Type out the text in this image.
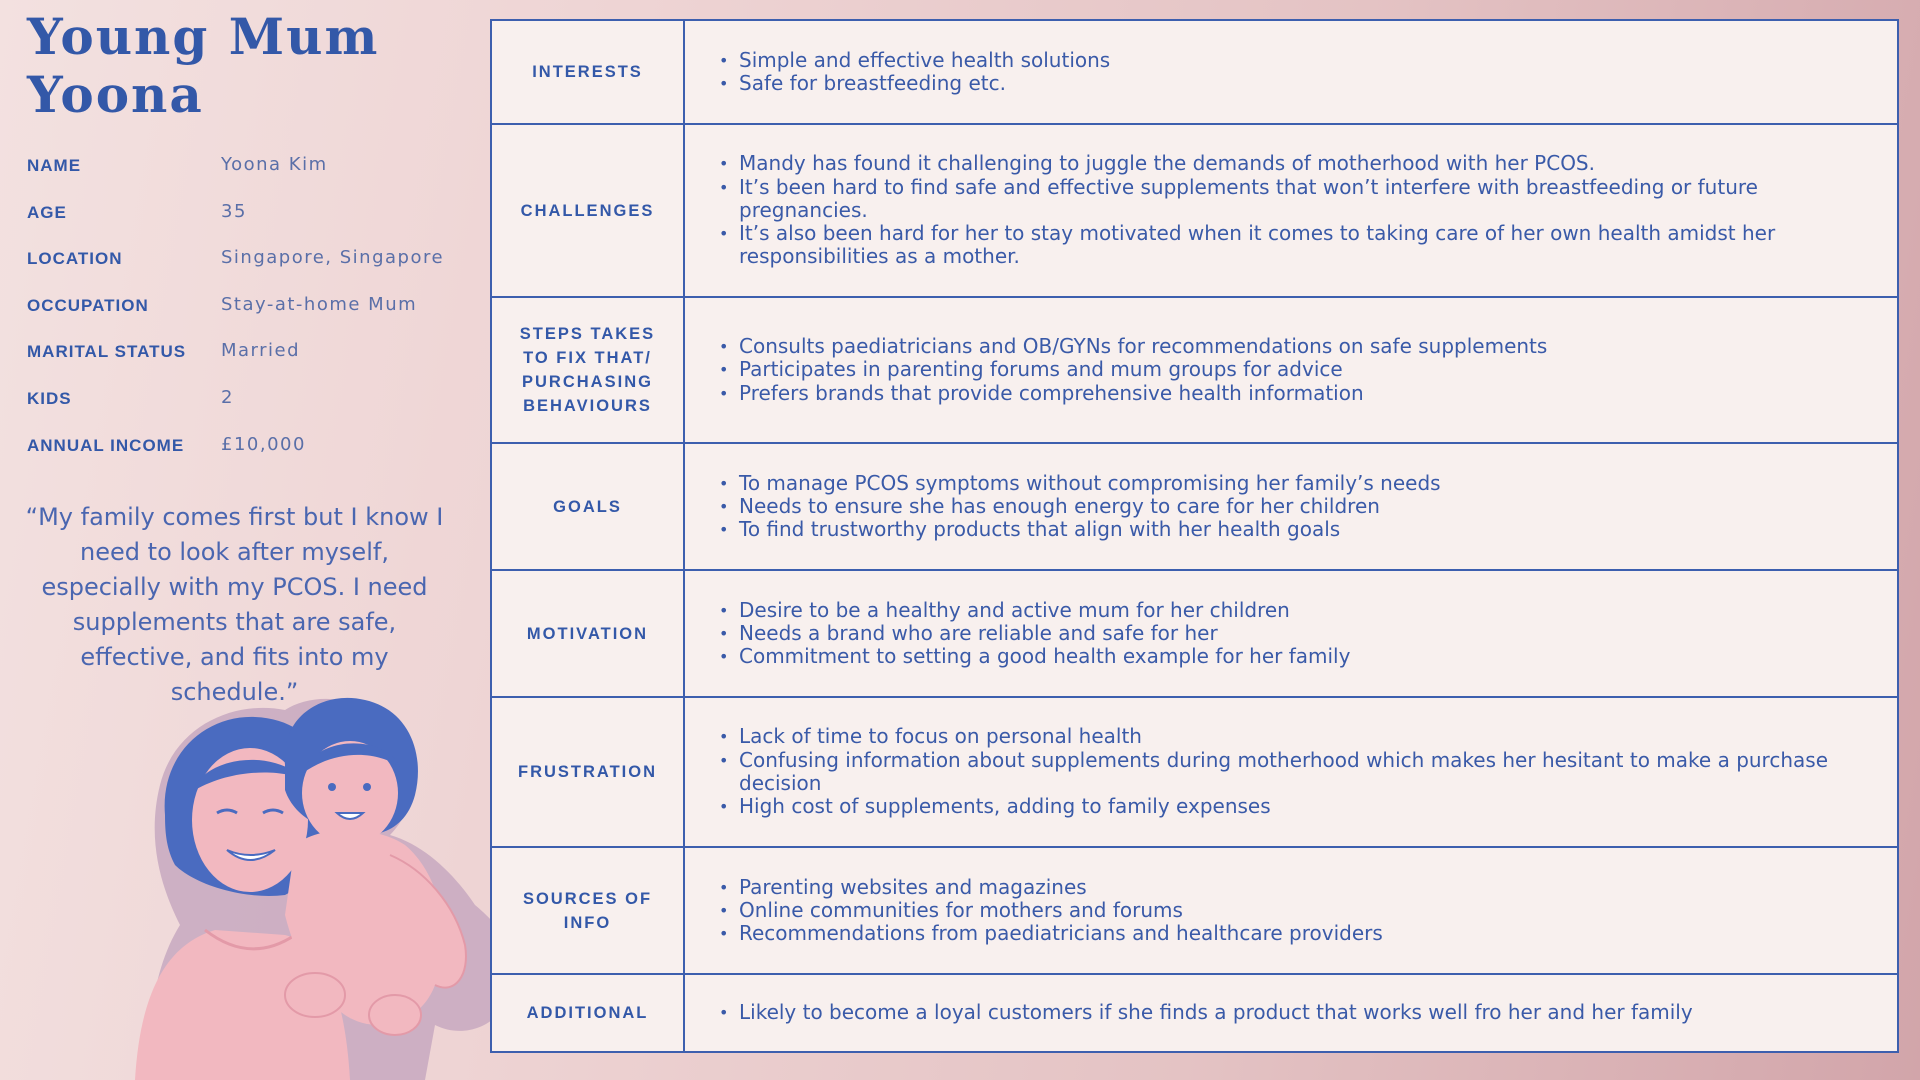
Young Mum
Yoona
NAME	Yoona Kim
AGE	35
LOCATION	Singapore, Singapore
OCCUPATION	Stay-at-home Mum
MARITAL STATUS Married
KIDS	2
ANNUAL INCOME £10,000
“My family comes first but I know I need to look after myself, especially with my PCOS. I need supplements that are safe, effective, and fits into my schedule.”
INTERESTS
• Simple and effective health solutions
• Safe for breastfeeding etc.
CHALLENGES
• Mandy has found it challenging to juggle the demands of motherhood with her PCOS.
• It’s been hard to find safe and effective supplements that won’t interfere with breastfeeding or future pregnancies.
• It’s also been hard for her to stay motivated when it comes to taking care of her own health amidst her responsibilities as a mother.
STEPS TAKES
TO FIX THAT/
PURCHASING
BEHAVIOURS
• Consults paediatricians and OB/GYNs for recommendations on safe supplements
• Participates in parenting forums and mum groups for advice
• Prefers brands that provide comprehensive health information
GOALS
• To manage PCOS symptoms without compromising her family’s needs
• Needs to ensure she has enough energy to care for her children
• To find trustworthy products that align with her health goals
MOTIVATION
• Desire to be a healthy and active mum for her children
• Needs a brand who are reliable and safe for her
• Commitment to setting a good health example for her family
FRUSTRATION
• Lack of time to focus on personal health
• Confusing information about supplements during motherhood which makes her hesitant to make a purchase decision
• High cost of supplements, adding to family expenses
SOURCES OF
INFO
• Parenting websites and magazines
• Online communities for mothers and forums
• Recommendations from paediatricians and healthcare providers
ADDITIONAL
•	Likely to become a loyal customers if she finds a product that works well fro her and her family
